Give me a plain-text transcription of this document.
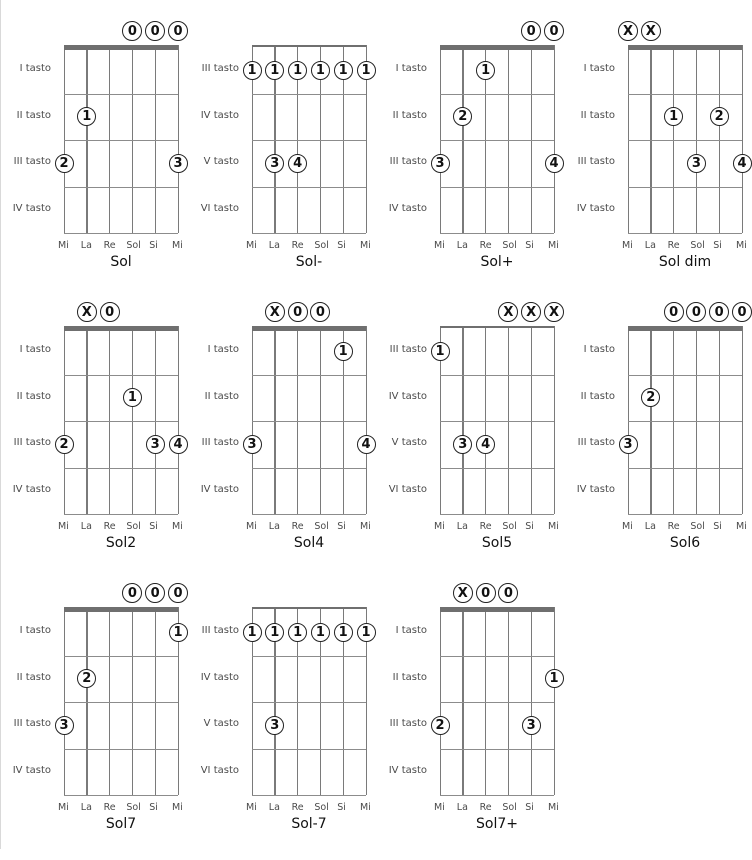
I tasto
II tasto
III tasto
IV tasto
Mi La Re Sol Si Mi
Sol
0	0	0
1
2	3
III tasto
IV tasto
V tasto
VI tasto
Mi La Re Sol Si Mi
Sol-
1	1	1	1	1	1
3	4
I tasto
II tasto
III tasto
IV tasto
Mi La Re Sol Si Mi
Sol+
0	0
1
2
3	4
I tasto
II tasto
III tasto
IV tasto
Mi La Re Sol Si Mi
Sol dim
X X
1	2
3	4
I tasto
II tasto
III tasto
IV tasto
Mi La Re Sol Si Mi
Sol2
X	0
1
2	3	4
I tasto
II tasto
III tasto
IV tasto
Mi La Re Sol Si Mi
Sol4
X	0	0
1
3	4
III tasto
IV tasto
V tasto
VI tasto
Mi La Re Sol Si Mi
Sol5
X X X
1
3	4
I tasto
II tasto
III tasto
IV tasto
Mi La Re Sol Si Mi
Sol6
0	0	0	0
2
3
I tasto
II tasto
III tasto
IV tasto
Mi La Re Sol Si Mi
Sol7
0	0	0
1
2
3
III tasto
IV tasto
V tasto
VI tasto
Mi La Re Sol Si Mi
Sol-7
1	1	1	1	1	1
3
I tasto
II tasto
III tasto
IV tasto
Mi La Re Sol Si Mi
Sol7+
X	0	0
1
2	3
